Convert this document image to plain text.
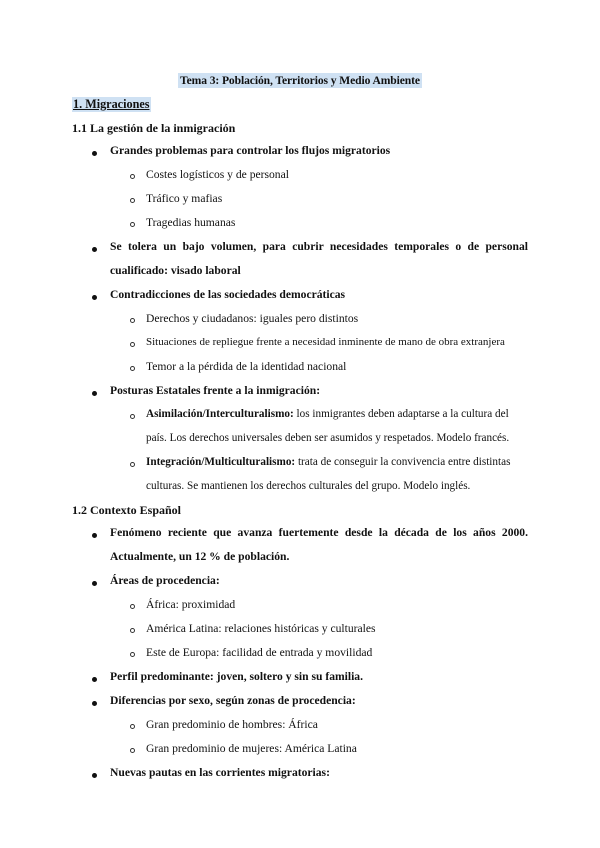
Tema 3: Población, Territorios y Medio Ambiente
1. Migraciones
1.1 La gestión de la inmigración
Grandes problemas para controlar los flujos migratorios
Costes logísticos y de personal
Tráfico y mafias
Tragedias humanas
Se tolera un bajo volumen, para cubrir necesidades temporales o de personal
cualificado: visado laboral
Contradicciones de las sociedades democráticas
Derechos y ciudadanos: iguales pero distintos
Situaciones de repliegue frente a necesidad inminente de mano de obra extranjera
Temor a la pérdida de la identidad nacional
Posturas Estatales frente a la inmigración:
Asimilación/Interculturalismo: los inmigrantes deben adaptarse a la cultura del
país. Los derechos universales deben ser asumidos y respetados. Modelo francés.
Integración/Multiculturalismo: trata de conseguir la convivencia entre distintas
culturas. Se mantienen los derechos culturales del grupo. Modelo inglés.
1.2 Contexto Español
Fenómeno reciente que avanza fuertemente desde la década de los años 2000.
Actualmente, un 12 % de población.
Áreas de procedencia:
África: proximidad
América Latina: relaciones históricas y culturales
Este de Europa: facilidad de entrada y movilidad
Perfil predominante: joven, soltero y sin su familia.
Diferencias por sexo, según zonas de procedencia:
Gran predominio de hombres: África
Gran predominio de mujeres: América Latina
Nuevas pautas en las corrientes migratorias:
